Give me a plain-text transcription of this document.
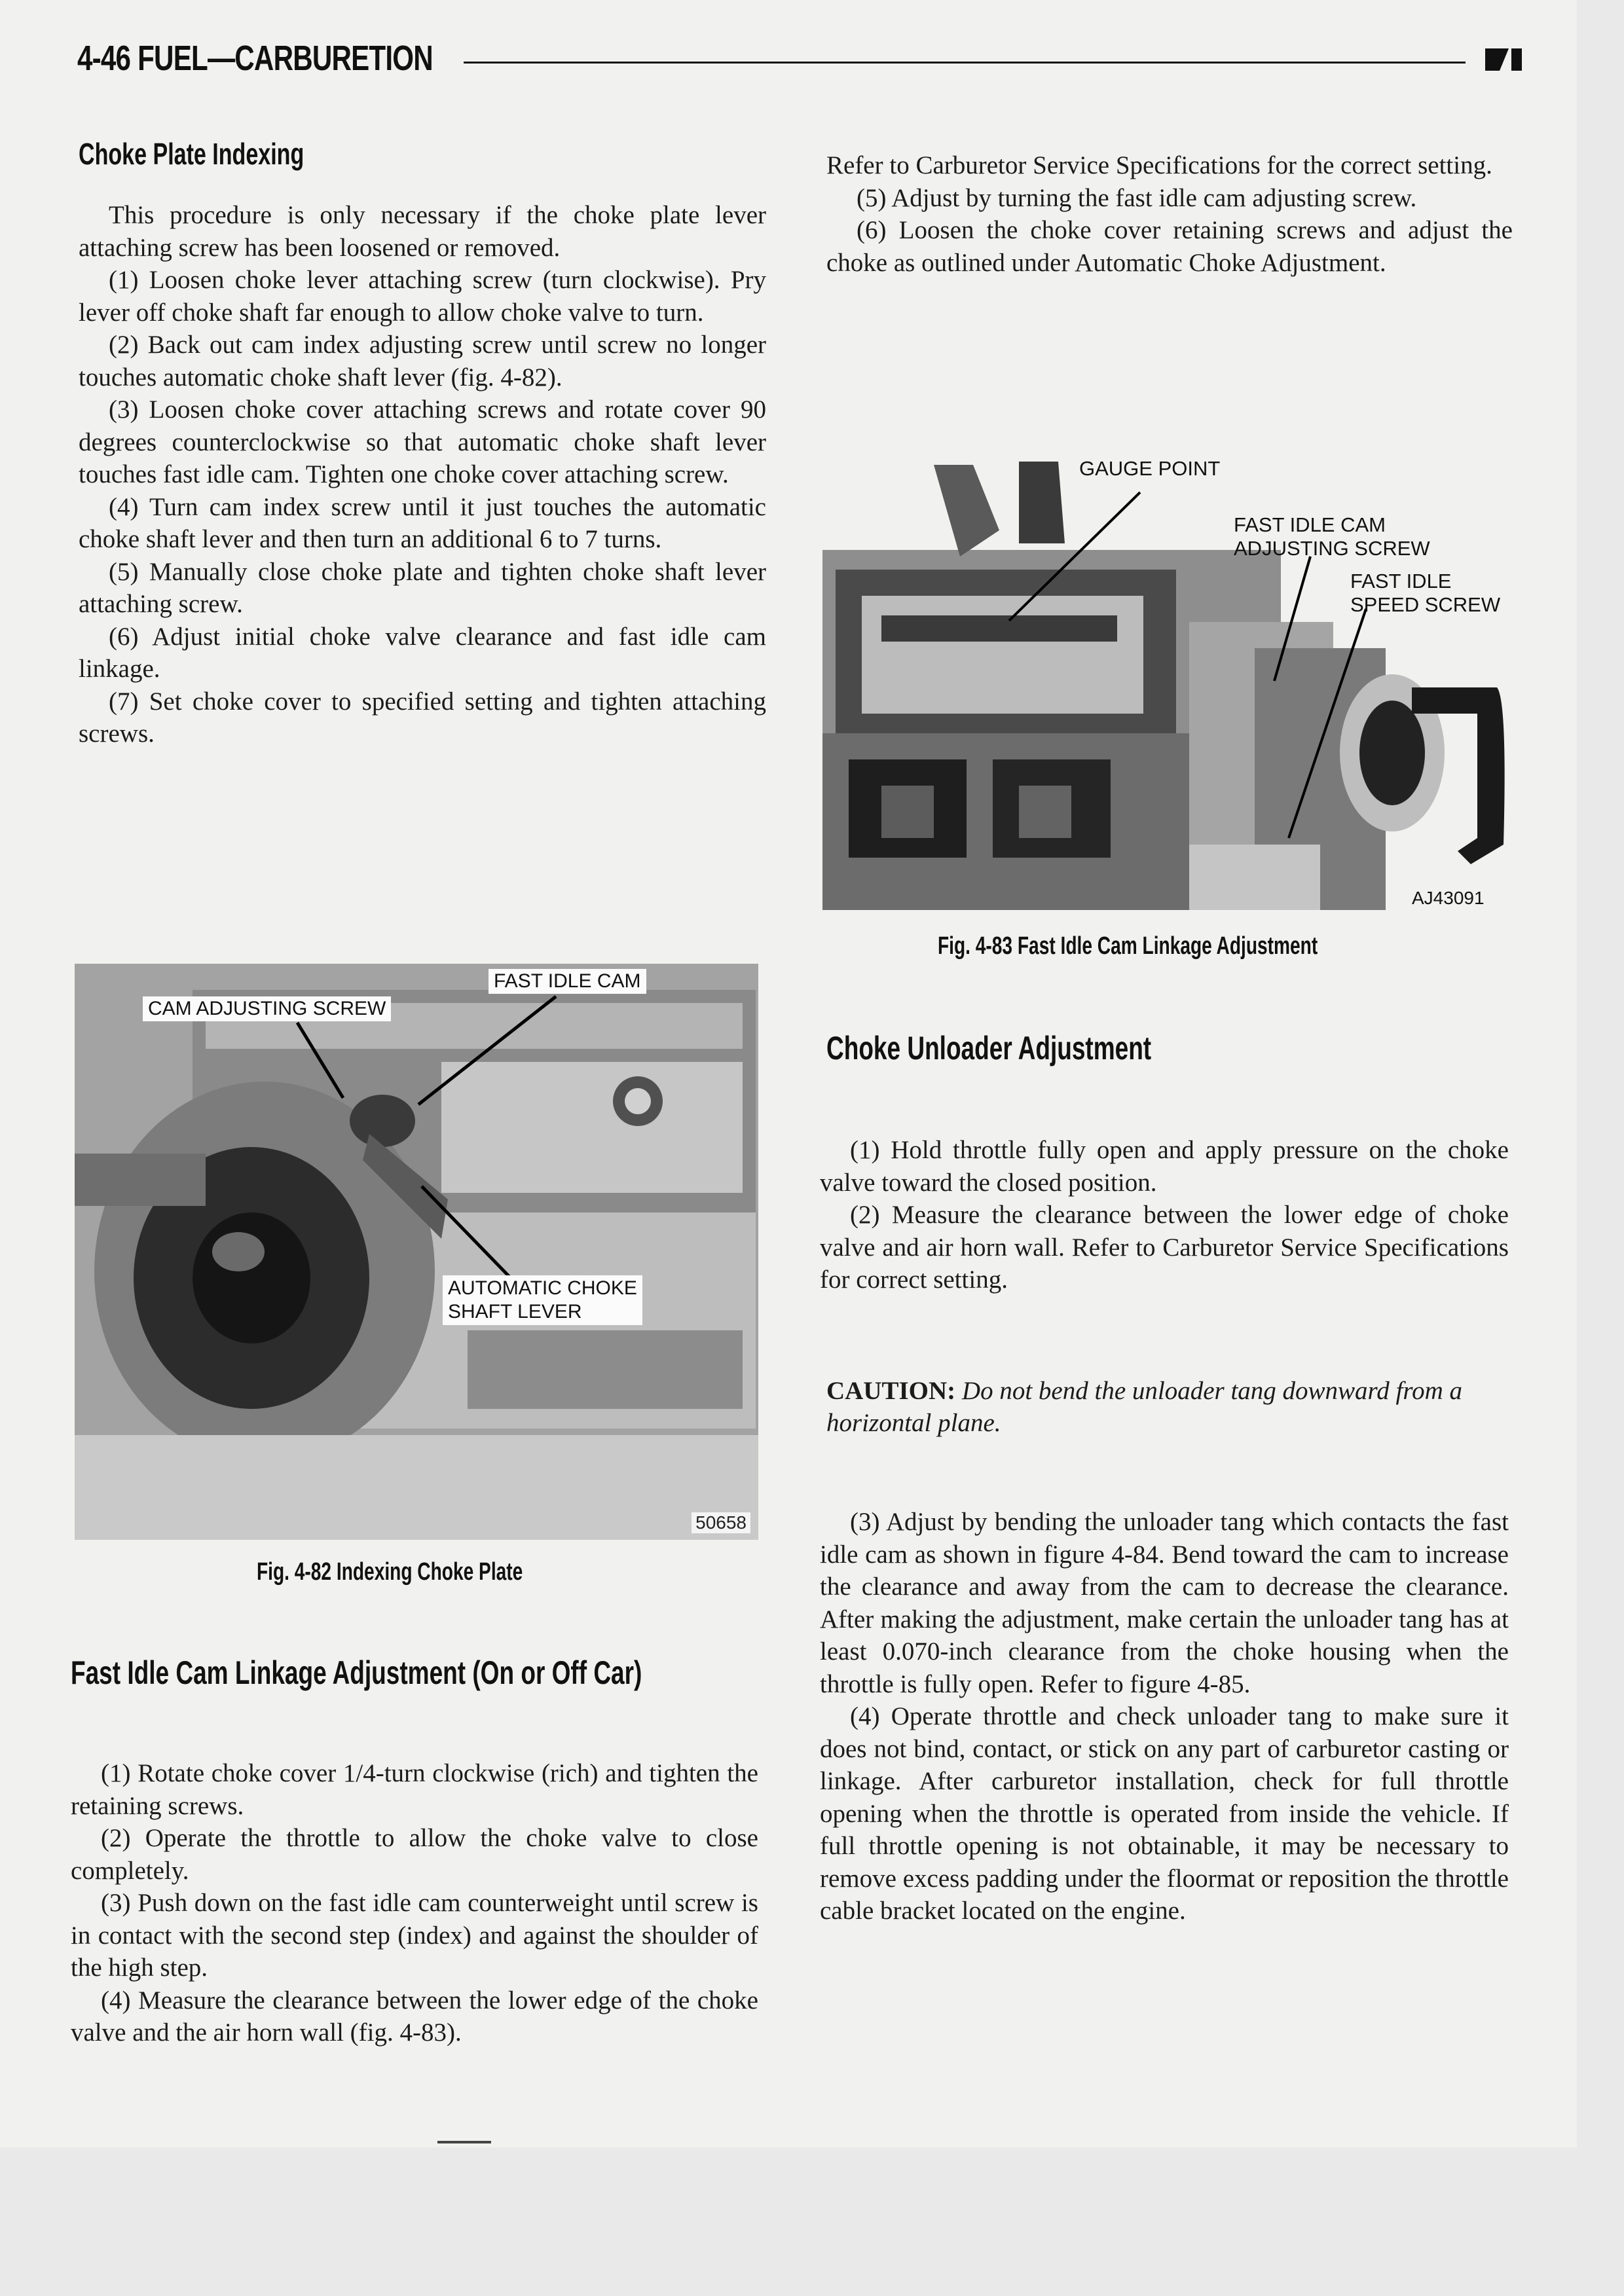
4-46 FUEL—CARBURETION
Choke Plate Indexing

This procedure is only necessary if the choke plate lever attaching screw has been loosened or removed.

(1) Loosen choke lever attaching screw (turn clockwise). Pry lever off choke shaft far enough to allow choke valve to turn.

(2) Back out cam index adjusting screw until screw no longer touches automatic choke shaft lever (fig. 4-82).

(3) Loosen choke cover attaching screws and rotate cover 90 degrees counterclockwise so that automatic choke shaft lever touches fast idle cam. Tighten one choke cover attaching screw.

(4) Turn cam index screw until it just touches the automatic choke shaft lever and then turn an additional 6 to 7 turns.

(5) Manually close choke plate and tighten choke shaft lever attaching screw.

(6) Adjust initial choke valve clearance and fast idle cam linkage.

(7) Set choke cover to specified setting and tighten attaching screws.

CAM ADJUSTING SCREW
FAST IDLE CAM
AUTOMATIC CHOKE
SHAFT LEVER
50658
Fig. 4-82 Indexing Choke Plate
Fast Idle Cam Linkage Adjustment (On or Off Car)

(1) Rotate choke cover 1/4-turn clockwise (rich) and tighten the retaining screws.

(2) Operate the throttle to allow the choke valve to close completely.

(3) Push down on the fast idle cam counterweight until screw is in contact with the second step (index) and against the shoulder of the high step.

(4) Measure the clearance between the lower edge of the choke valve and the air horn wall (fig. 4-83).

Refer to Carburetor Service Specifications for the correct setting.

(5) Adjust by turning the fast idle cam adjusting screw.

(6) Loosen the choke cover retaining screws and adjust the choke as outlined under Automatic Choke Adjustment.

GAUGE POINT
FAST IDLE CAM
ADJUSTING SCREW
FAST IDLE
SPEED SCREW
AJ43091
Fig. 4-83 Fast Idle Cam Linkage Adjustment
Choke Unloader Adjustment

(1) Hold throttle fully open and apply pressure on the choke valve toward the closed position.

(2) Measure the clearance between the lower edge of choke valve and air horn wall. Refer to Carburetor Service Specifications for correct setting.

CAUTION: Do not bend the unloader tang downward from a horizontal plane.

(3) Adjust by bending the unloader tang which contacts the fast idle cam as shown in figure 4-84. Bend toward the cam to increase the clearance and away from the cam to decrease the clearance. After making the adjustment, make certain the unloader tang has at least 0.070-inch clearance from the choke housing when the throttle is fully open. Refer to figure 4-85.

(4) Operate throttle and check unloader tang to make sure it does not bind, contact, or stick on any part of carburetor casting or linkage. After carburetor installation, check for full throttle opening when the throttle is operated from inside the vehicle. If full throttle opening is not obtainable, it may be necessary to remove excess padding under the floormat or reposition the throttle cable bracket located on the engine.
